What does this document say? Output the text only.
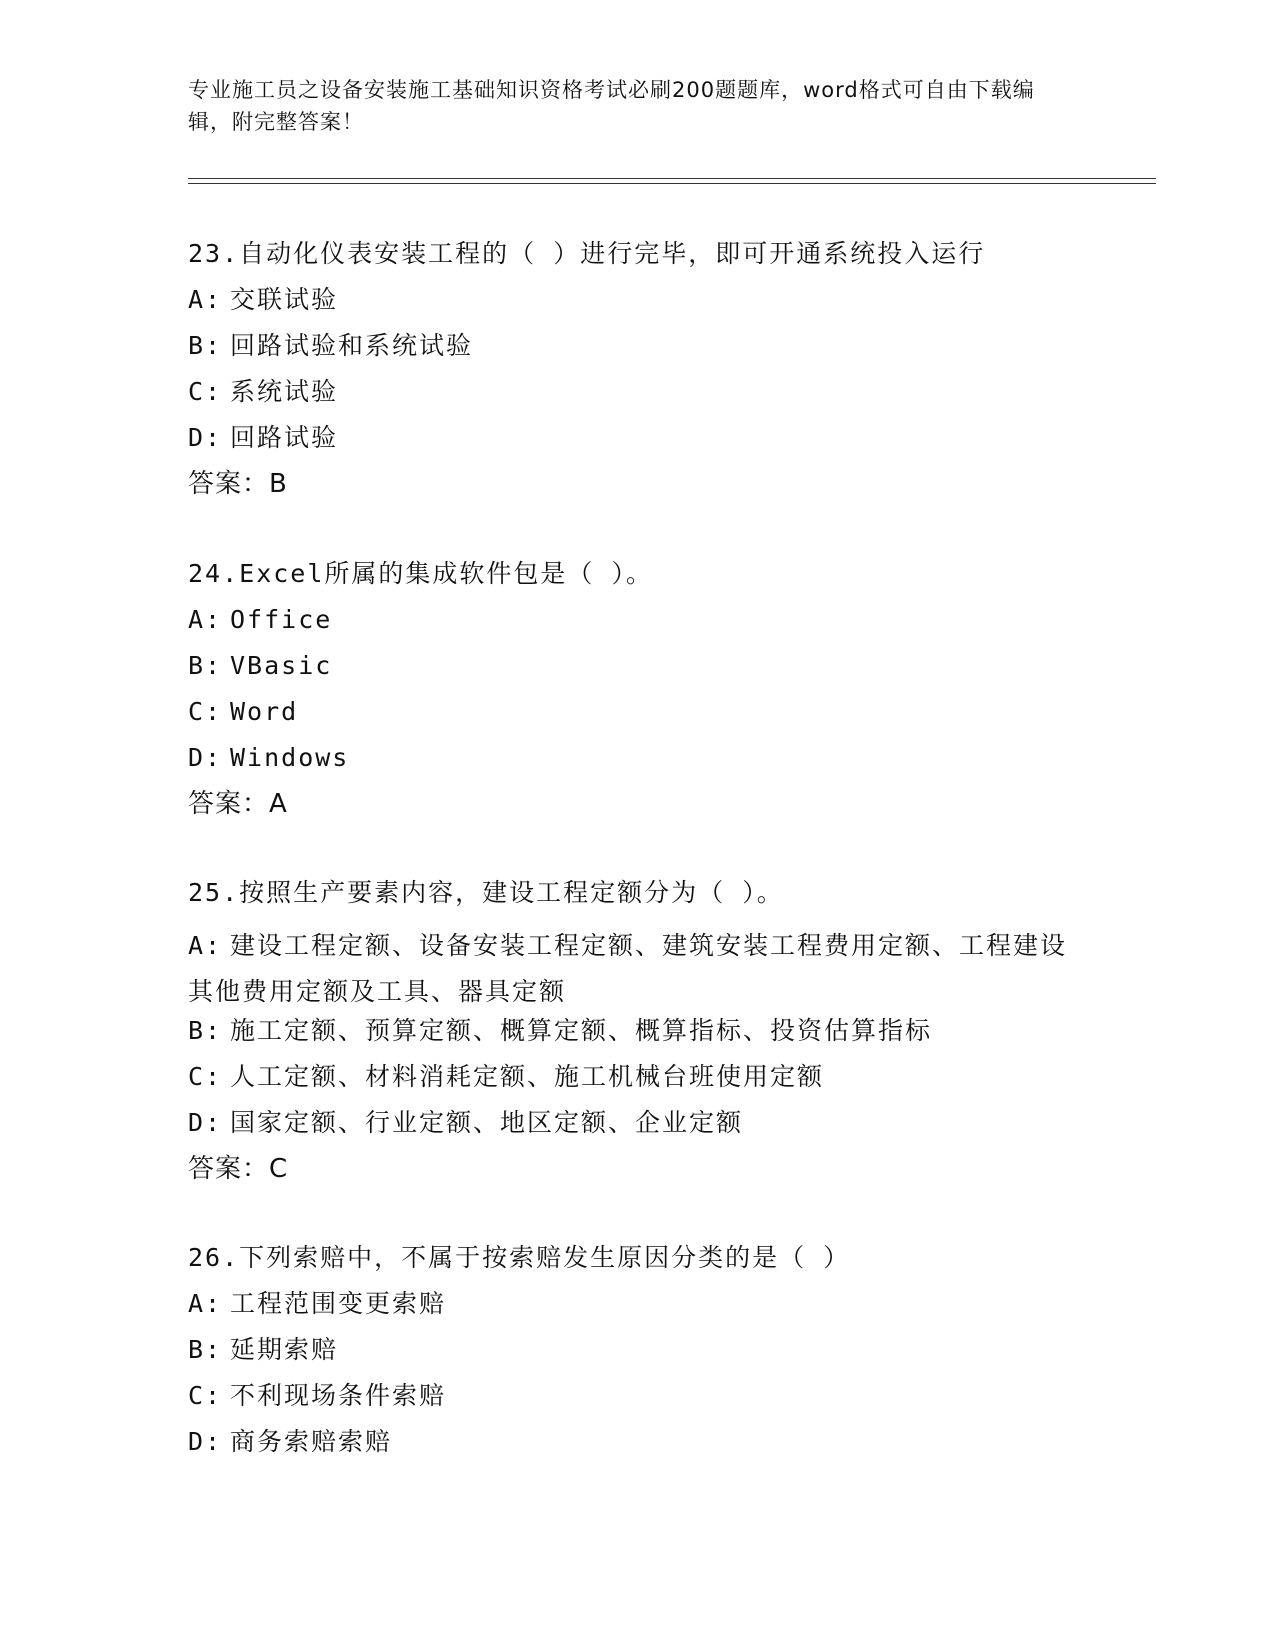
专业施工员之设备安装施工基础知识资格考试必刷200题题库，word格式可自由下载编辑，附完整答案！

23.自动化仪表安装工程的（ ）进行完毕，即可开通系统投入运行

A: 交联试验

B: 回路试验和系统试验

C: 系统试验

D: 回路试验

答案：B

24.Excel所属的集成软件包是（ ）。

A: Office

B: VBasic

C: Word

D: Windows

答案：A

25.按照生产要素内容，建设工程定额分为（ ）。

A: 建设工程定额、设备安装工程定额、建筑安装工程费用定额、工程建设其他费用定额及工具、器具定额

B: 施工定额、预算定额、概算定额、概算指标、投资估算指标

C: 人工定额、材料消耗定额、施工机械台班使用定额

D: 国家定额、行业定额、地区定额、企业定额

答案：C

26.下列索赔中，不属于按索赔发生原因分类的是（ ）

A: 工程范围变更索赔

B: 延期索赔

C: 不利现场条件索赔

D: 商务索赔索赔
